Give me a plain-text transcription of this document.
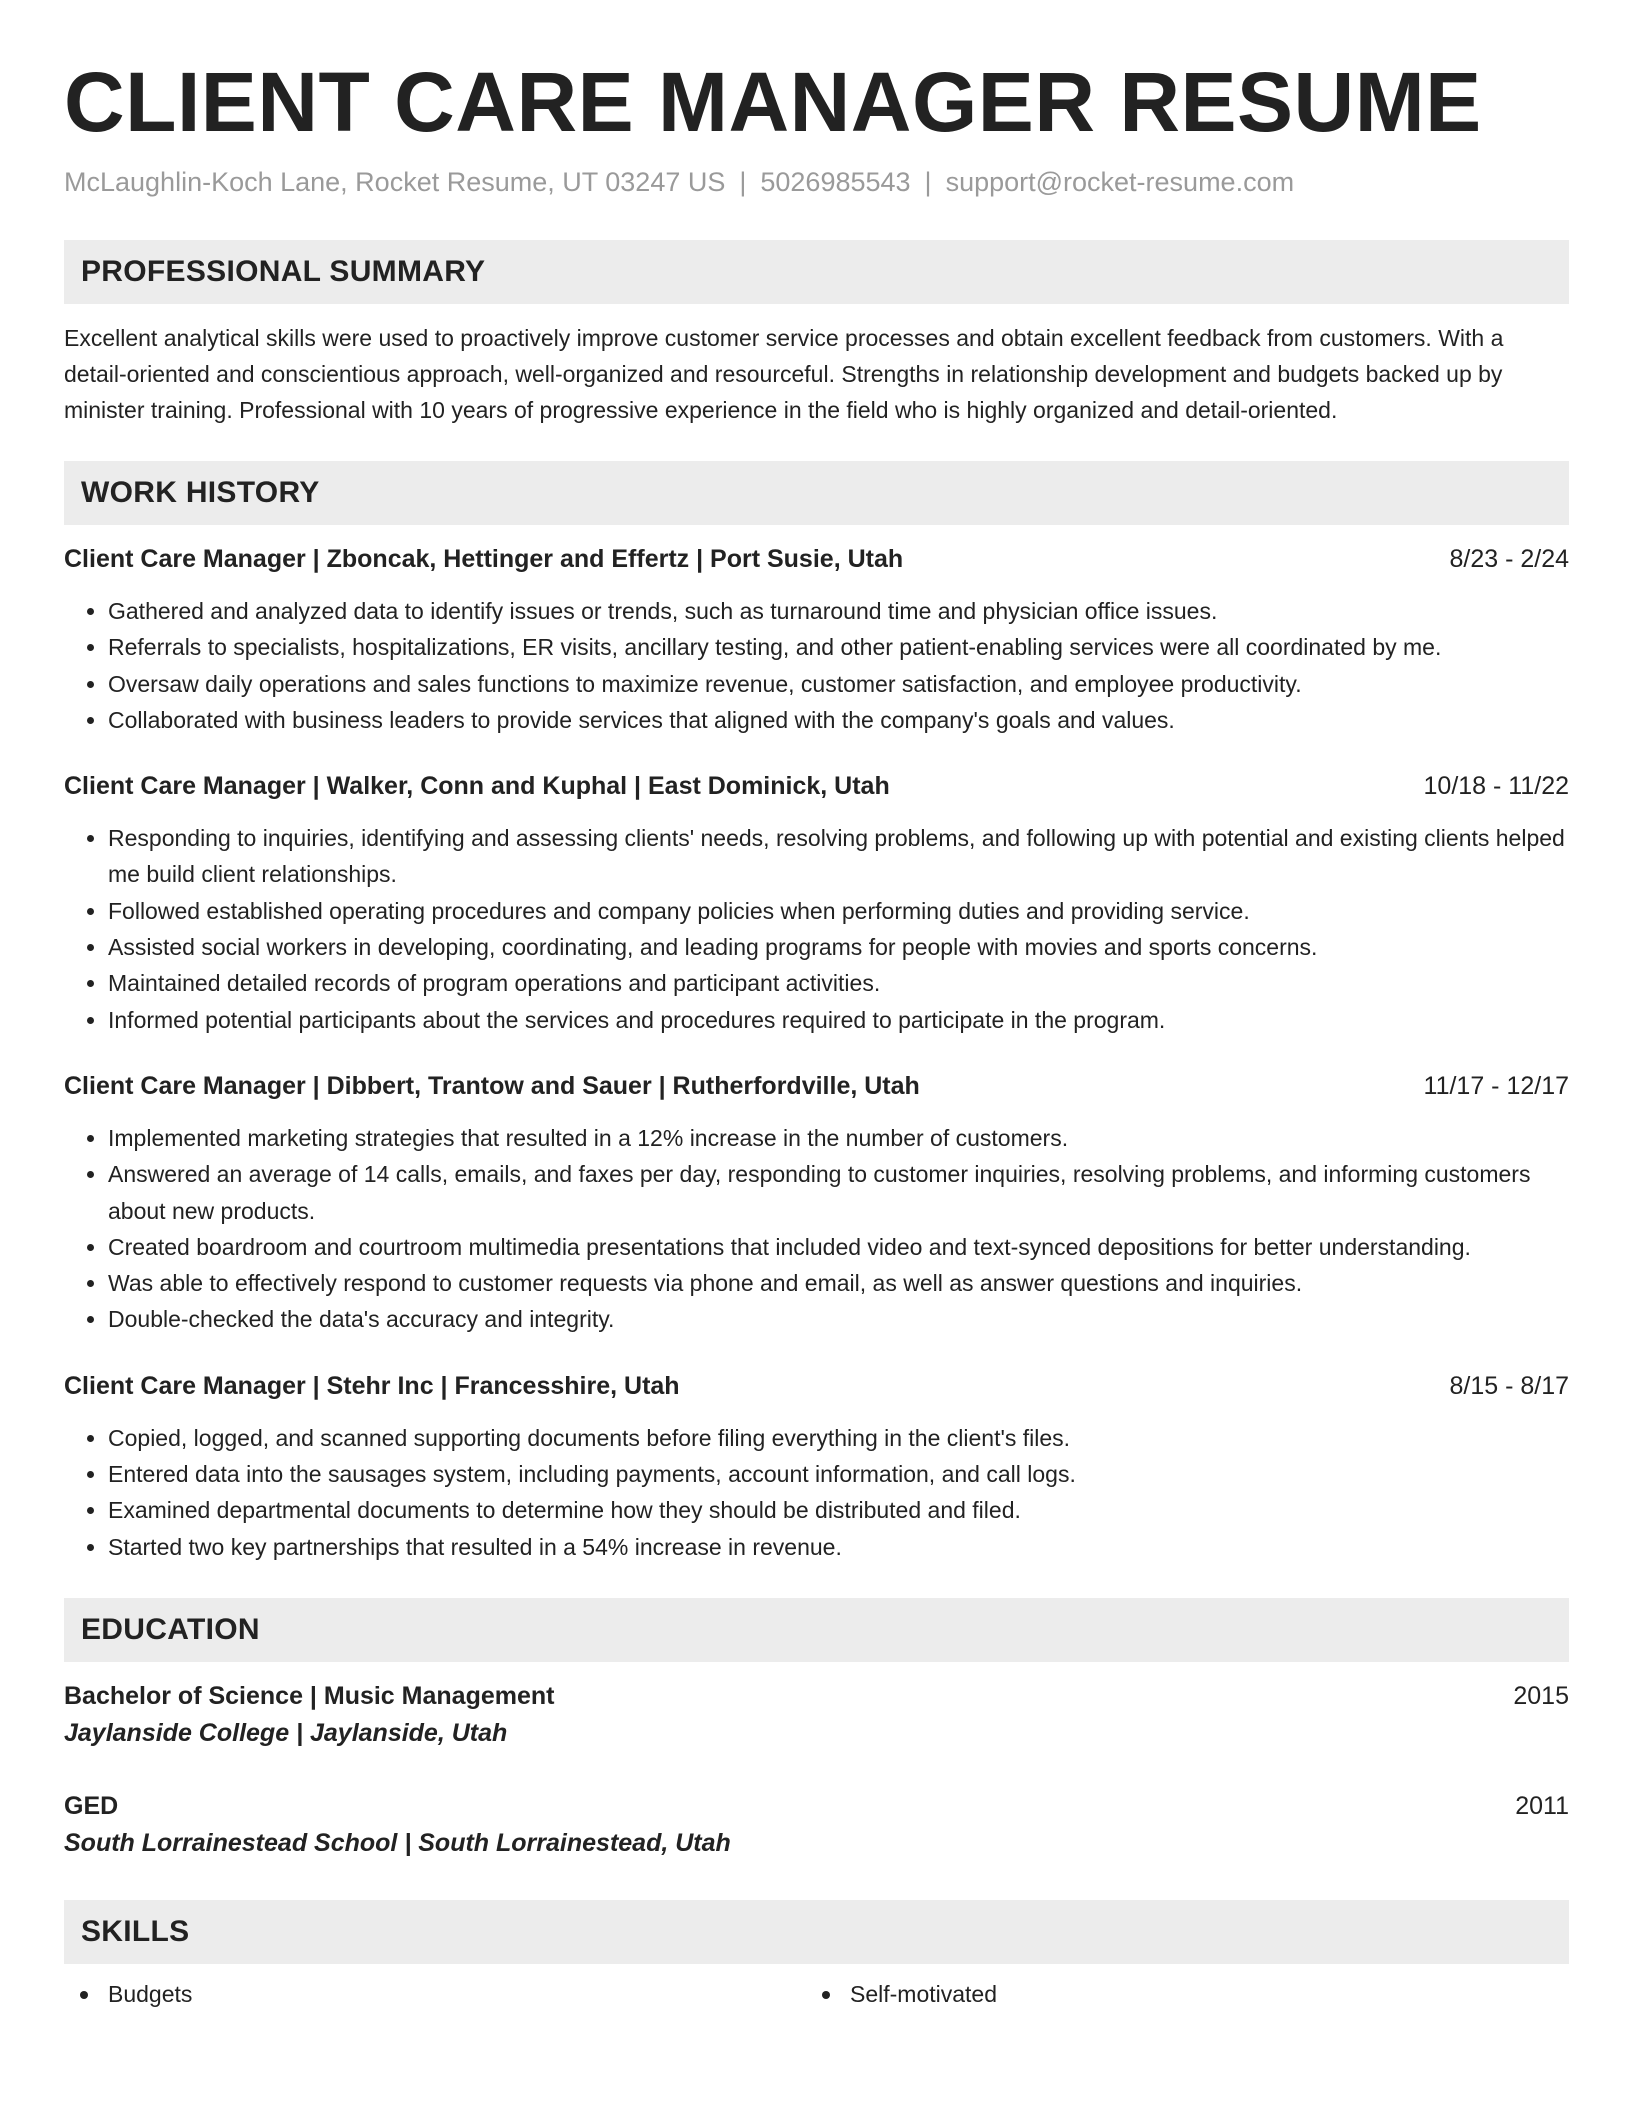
CLIENT CARE MANAGER RESUME
McLaughlin-Koch Lane, Rocket Resume, UT 03247 US | 5026985543 | support@rocket-resume.com
PROFESSIONAL SUMMARY
Excellent analytical skills were used to proactively improve customer service processes and obtain excellent feedback from customers. With a detail-oriented and conscientious approach, well-organized and resourceful. Strengths in relationship development and budgets backed up by minister training. Professional with 10 years of progressive experience in the field who is highly organized and detail-oriented.
WORK HISTORY
Client Care Manager | Zboncak, Hettinger and Effertz | Port Susie, Utah	8/23 - 2/24
• Gathered and analyzed data to identify issues or trends, such as turnaround time and physician office issues.
• Referrals to specialists, hospitalizations, ER visits, ancillary testing, and other patient-enabling services were all coordinated by me.
• Oversaw daily operations and sales functions to maximize revenue, customer satisfaction, and employee productivity.
• Collaborated with business leaders to provide services that aligned with the company's goals and values.
Client Care Manager | Walker, Conn and Kuphal | East Dominick, Utah	10/18 - 11/22
• Responding to inquiries, identifying and assessing clients' needs, resolving problems, and following up with potential and existing clients helped me build client relationships.
• Followed established operating procedures and company policies when performing duties and providing service.
• Assisted social workers in developing, coordinating, and leading programs for people with movies and sports concerns.
• Maintained detailed records of program operations and participant activities.
• Informed potential participants about the services and procedures required to participate in the program.
Client Care Manager | Dibbert, Trantow and Sauer | Rutherfordville, Utah	11/17 - 12/17
• Implemented marketing strategies that resulted in a 12% increase in the number of customers.
• Answered an average of 14 calls, emails, and faxes per day, responding to customer inquiries, resolving problems, and informing customers about new products.
• Created boardroom and courtroom multimedia presentations that included video and text-synced depositions for better understanding.
• Was able to effectively respond to customer requests via phone and email, as well as answer questions and inquiries.
• Double-checked the data's accuracy and integrity.
Client Care Manager | Stehr Inc | Francesshire, Utah	8/15 - 8/17
• Copied, logged, and scanned supporting documents before filing everything in the client's files.
• Entered data into the sausages system, including payments, account information, and call logs.
• Examined departmental documents to determine how they should be distributed and filed.
• Started two key partnerships that resulted in a 54% increase in revenue.
EDUCATION
Bachelor of Science | Music Management	2015
Jaylanside College | Jaylanside, Utah
GED	2011
South Lorrainestead School | South Lorrainestead, Utah
SKILLS
Budgets	Self-motivated
